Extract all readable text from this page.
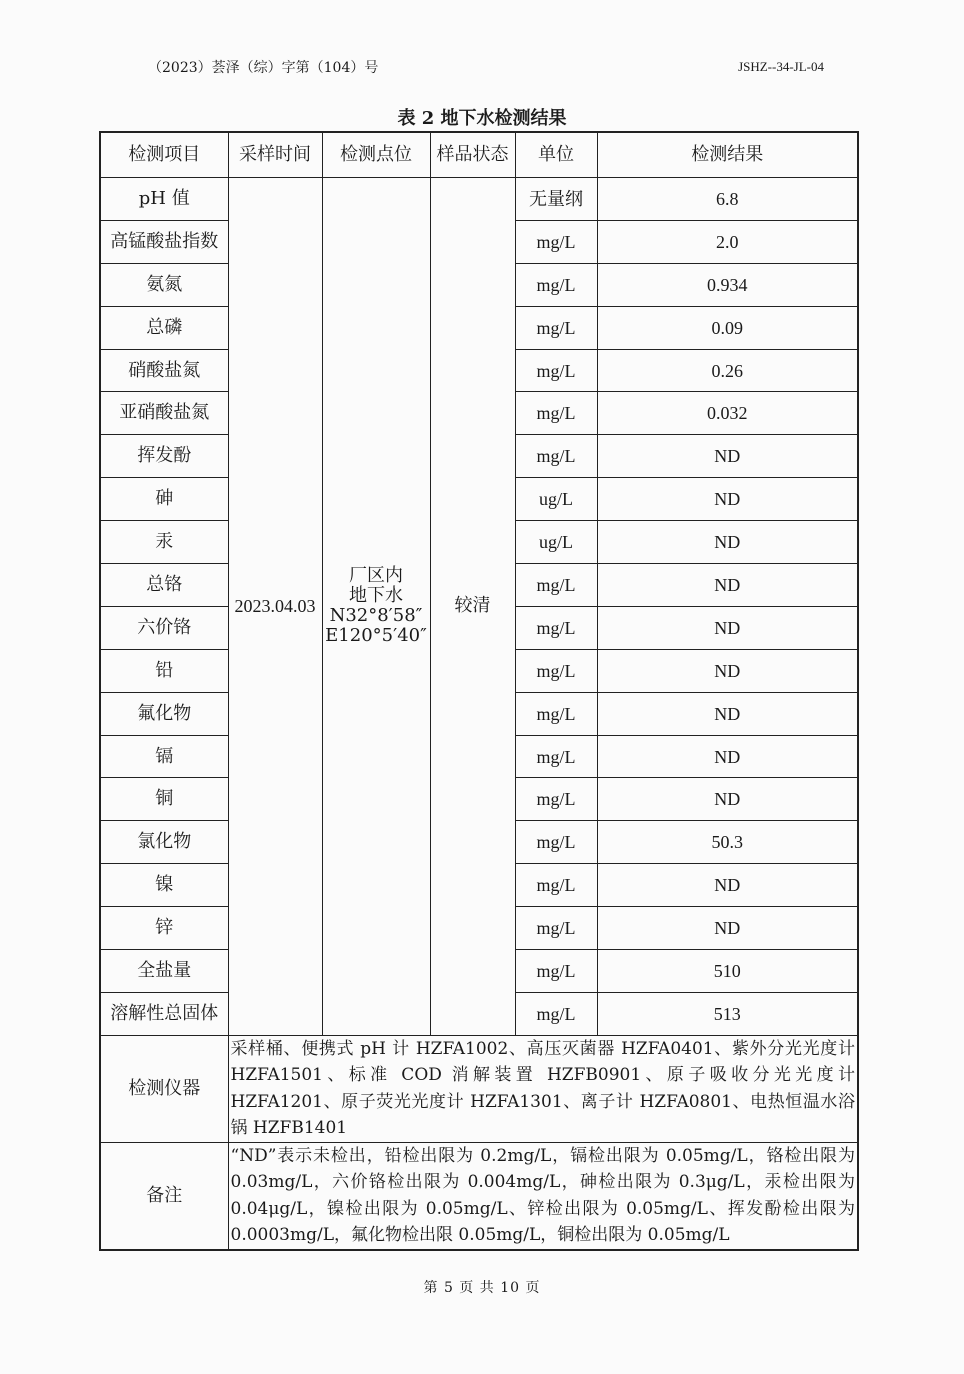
（2023）荟泽（综）字第（104）号	JSHZ--34-JL-04
表 2 地下水检测结果
检测项目	采样时间	检测点位	样品状态	单位	检测结果
pH 值	2023.04.03	厂区内
地下水
N32°8′58″
E120°5′40″	较清	无量纲	6.8
高锰酸盐指数				mg/L	2.0
氨氮				mg/L	0.934
总磷				mg/L	0.09
硝酸盐氮				mg/L	0.26
亚硝酸盐氮				mg/L	0.032
挥发酚				mg/L	ND
砷				ug/L	ND
汞				ug/L	ND
总铬				mg/L	ND
六价铬				mg/L	ND
铅				mg/L	ND
氟化物				mg/L	ND
镉				mg/L	ND
铜				mg/L	ND
氯化物				mg/L	50.3
镍				mg/L	ND
锌				mg/L	ND
全盐量				mg/L	510
溶解性总固体				mg/L	513
检测仪器	采样桶、便携式 pH 计 HZFA1002、高压灭菌器 HZFA0401、紫外分光光度计 HZFA1501、标准 COD 消解装置 HZFB0901、原子吸收分光光度计 HZFA1201、原子荧光光度计 HZFA1301、离子计 HZFA0801、电热恒温水浴锅 HZFB1401				
备注	“ND”表示未检出，铅检出限为 0.2mg/L，镉检出限为 0.05mg/L，铬检出限为 0.03mg/L，六价铬检出限为 0.004mg/L，砷检出限为 0.3μg/L，汞检出限为 0.04μg/L，镍检出限为 0.05mg/L、锌检出限为 0.05mg/L、挥发酚检出限为 0.0003mg/L，氟化物检出限 0.05mg/L，铜检出限为 0.05mg/L				
第 5 页 共 10 页
